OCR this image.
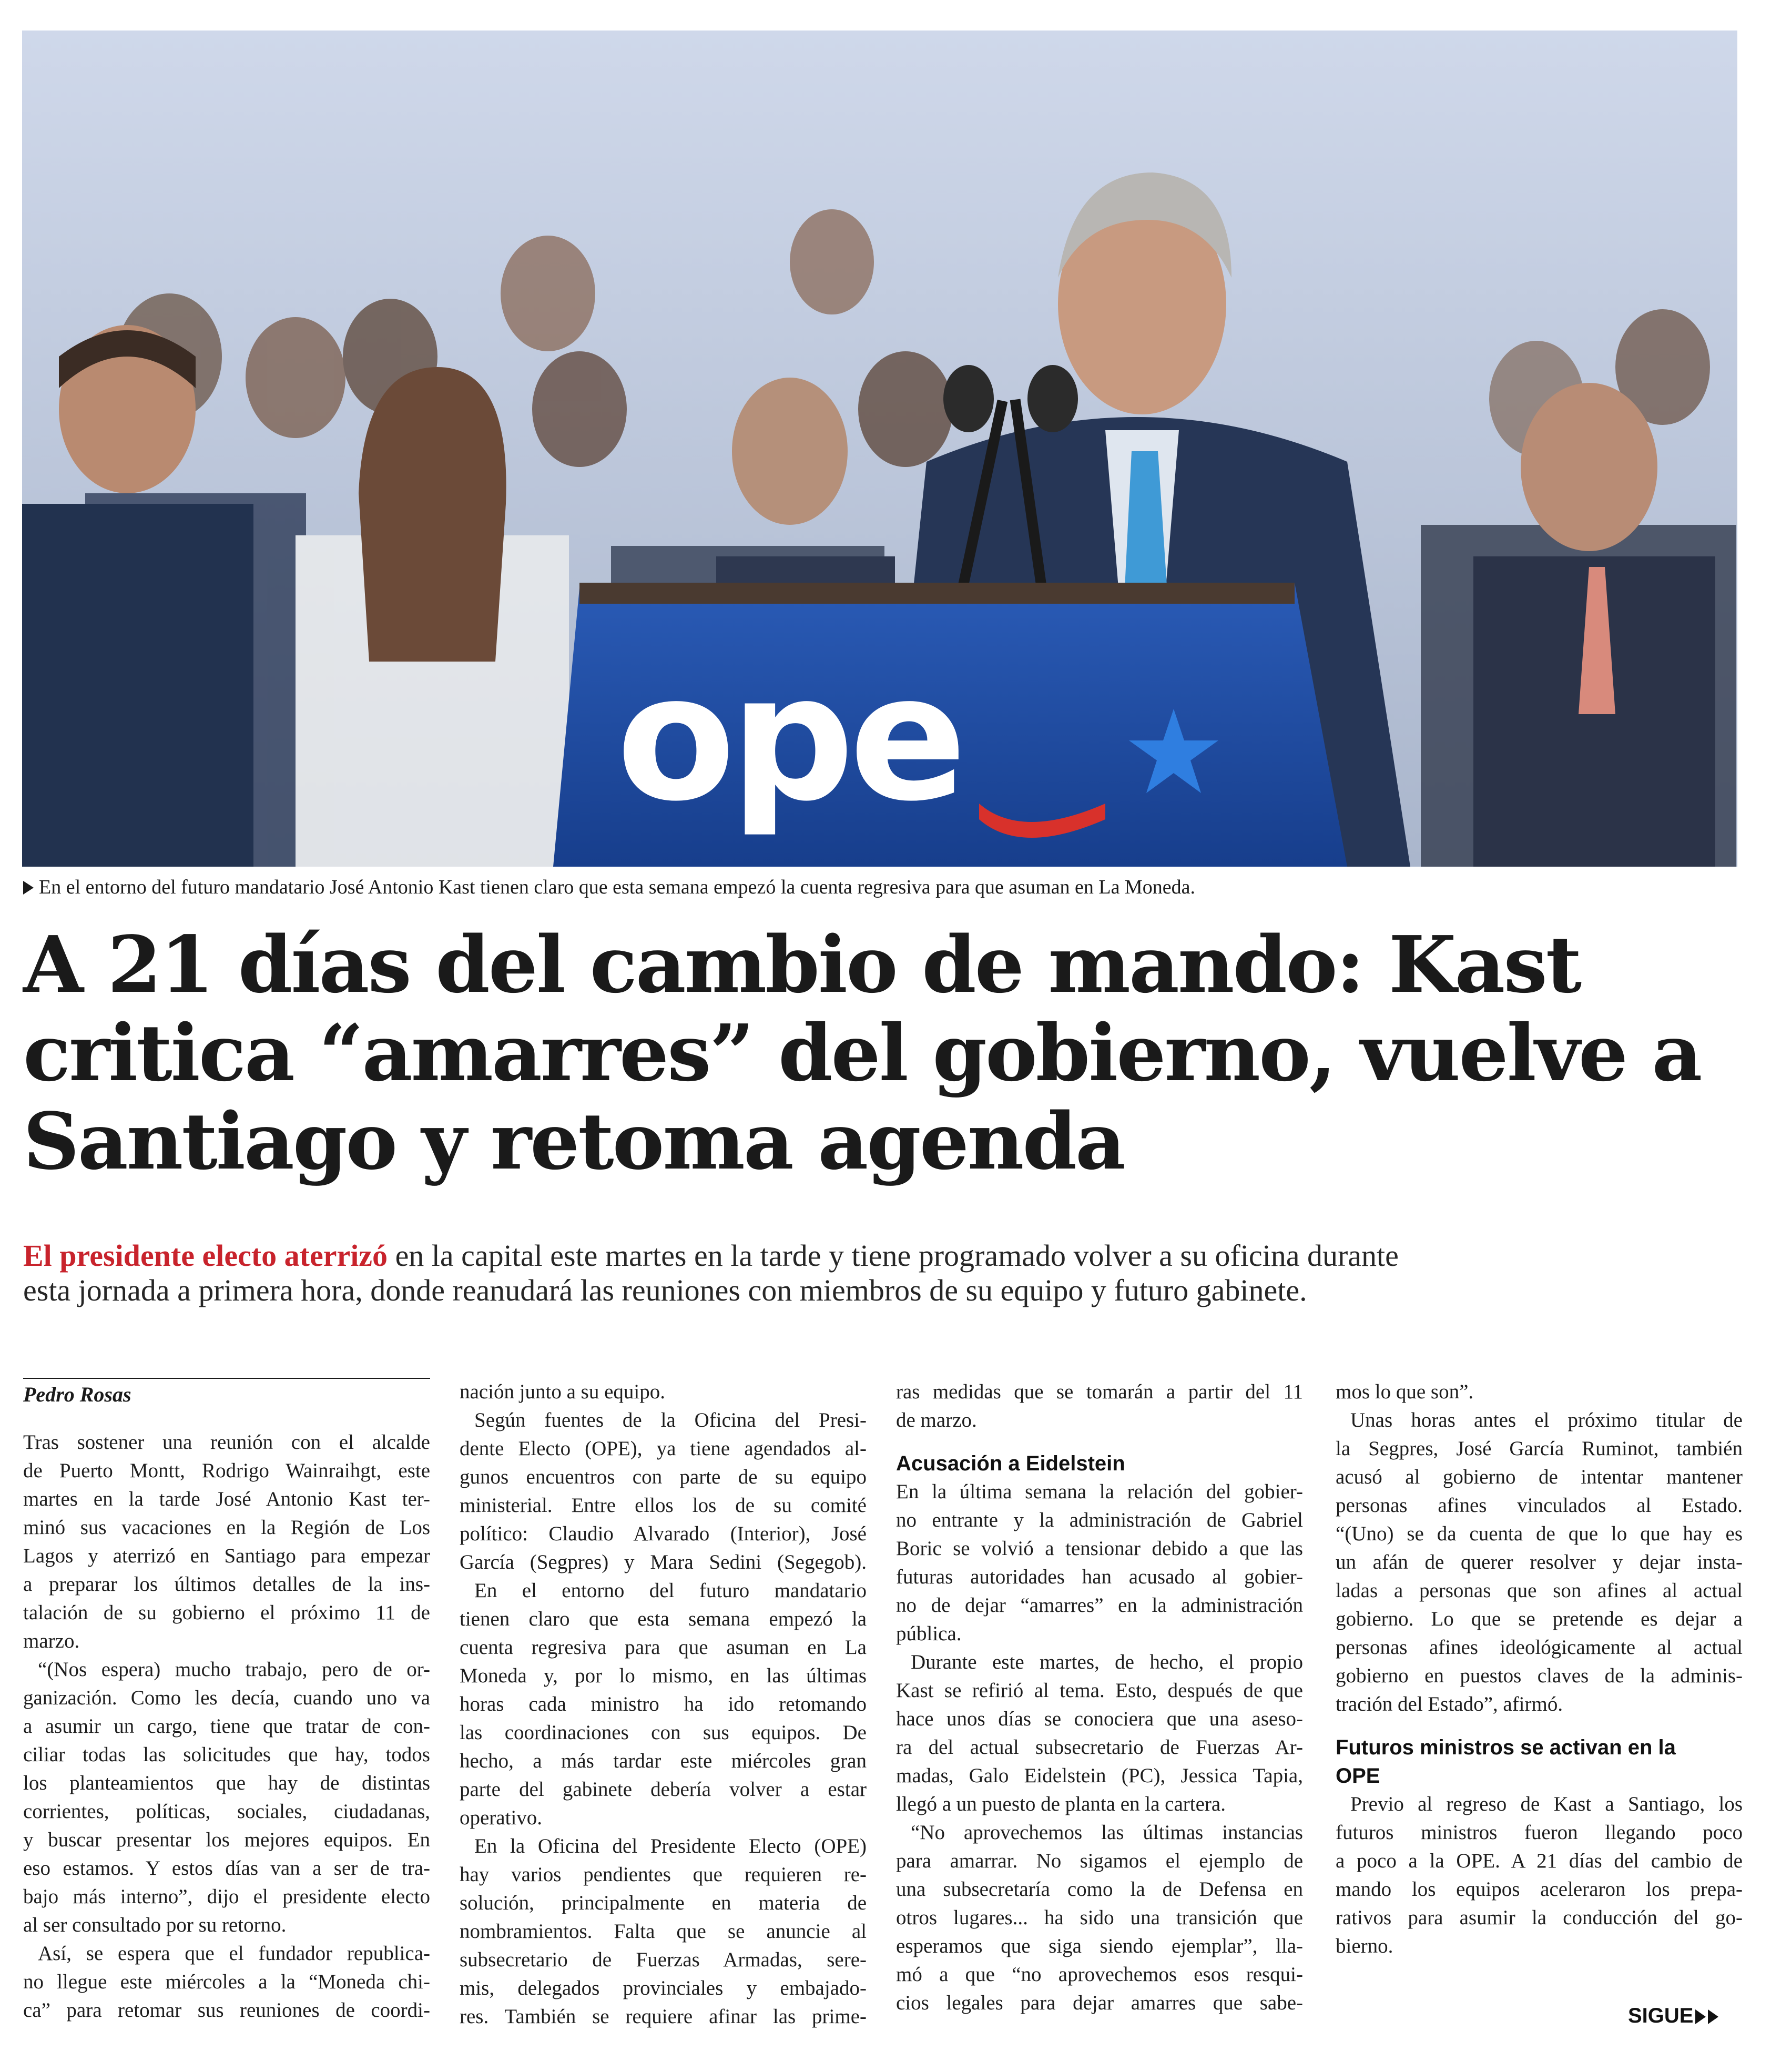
ope
En el entorno del futuro mandatario José Antonio Kast tienen claro que esta semana empezó la cuenta regresiva para que asuman en La Moneda.
A 21 días del cambio de mando: Kast
critica “amarres” del gobierno, vuelve a
Santiago y retoma agenda
El presidente electo aterrizó en la capital este martes en la tarde y tiene programado volver a su oficina durante
esta jornada a primera hora, donde reanudará las reuniones con miembros de su equipo y futuro gabinete.
Pedro Rosas
Tras sostener una reunión con el alcalde
de Puerto Montt, Rodrigo Wainraihgt, este
martes en la tarde José Antonio Kast ter-
minó sus vacaciones en la Región de Los
Lagos y aterrizó en Santiago para empezar
a preparar los últimos detalles de la ins-
talación de su gobierno el próximo 11 de
marzo.
“(Nos espera) mucho trabajo, pero de or-
ganización. Como les decía, cuando uno va
a asumir un cargo, tiene que tratar de con-
ciliar todas las solicitudes que hay, todos
los planteamientos que hay de distintas
corrientes, políticas, sociales, ciudadanas,
y buscar presentar los mejores equipos. En
eso estamos. Y estos días van a ser de tra-
bajo más interno”, dijo el presidente electo
al ser consultado por su retorno.
Así, se espera que el fundador republica-
no llegue este miércoles a la “Moneda chi-
ca” para retomar sus reuniones de coordi-
nación junto a su equipo.
Según fuentes de la Oficina del Presi-
dente Electo (OPE), ya tiene agendados al-
gunos encuentros con parte de su equipo
ministerial. Entre ellos los de su comité
político: Claudio Alvarado (Interior), José
García (Segpres) y Mara Sedini (Segegob).
En el entorno del futuro mandatario
tienen claro que esta semana empezó la
cuenta regresiva para que asuman en La
Moneda y, por lo mismo, en las últimas
horas cada ministro ha ido retomando
las coordinaciones con sus equipos. De
hecho, a más tardar este miércoles gran
parte del gabinete debería volver a estar
operativo.
En la Oficina del Presidente Electo (OPE)
hay varios pendientes que requieren re-
solución, principalmente en materia de
nombramientos. Falta que se anuncie al
subsecretario de Fuerzas Armadas, sere-
mis, delegados provinciales y embajado-
res. También se requiere afinar las prime-
ras medidas que se tomarán a partir del 11
de marzo.
Acusación a Eidelstein
En la última semana la relación del gobier-
no entrante y la administración de Gabriel
Boric se volvió a tensionar debido a que las
futuras autoridades han acusado al gobier-
no de dejar “amarres” en la administración
pública.
Durante este martes, de hecho, el propio
Kast se refirió al tema. Esto, después de que
hace unos días se conociera que una aseso-
ra del actual subsecretario de Fuerzas Ar-
madas, Galo Eidelstein (PC), Jessica Tapia,
llegó a un puesto de planta en la cartera.
“No aprovechemos las últimas instancias
para amarrar. No sigamos el ejemplo de
una subsecretaría como la de Defensa en
otros lugares... ha sido una transición que
esperamos que siga siendo ejemplar”, lla-
mó a que “no aprovechemos esos resqui-
cios legales para dejar amarres que sabe-
mos lo que son”.
Unas horas antes el próximo titular de
la Segpres, José García Ruminot, también
acusó al gobierno de intentar mantener
personas afines vinculados al Estado.
“(Uno) se da cuenta de que lo que hay es
un afán de querer resolver y dejar insta-
ladas a personas que son afines al actual
gobierno. Lo que se pretende es dejar a
personas afines ideológicamente al actual
gobierno en puestos claves de la adminis-
tración del Estado”, afirmó.
Futuros ministros se activan en la
OPE
Previo al regreso de Kast a Santiago, los
futuros ministros fueron llegando poco
a poco a la OPE. A 21 días del cambio de
mando los equipos aceleraron los prepa-
rativos para asumir la conducción del go-
bierno.
SIGUE
